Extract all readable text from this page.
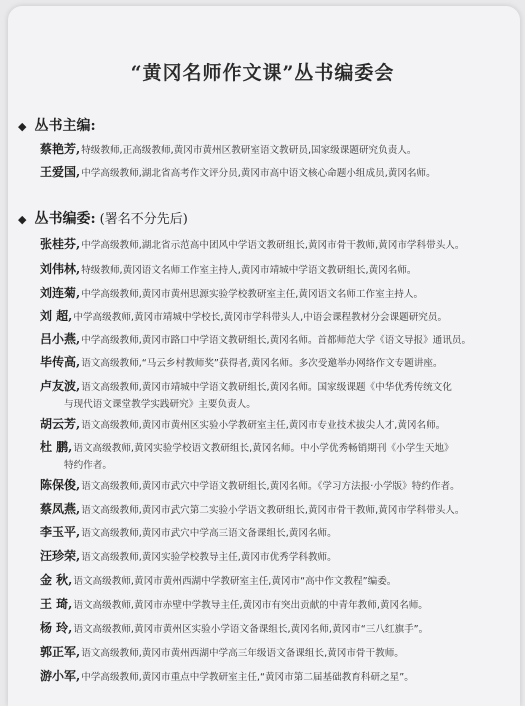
“黄冈名师作文课”丛书编委会
◆ 丛书主编:
蔡艳芳,特级教师,正高级教师,黄冈市黄州区教研室语文教研员,国家级课题研究负责人。
王爱国,中学高级教师,湖北省高考作文评分员,黄冈市高中语文核心命题小组成员,黄冈名师。
◆ 丛书编委: (署名不分先后)
张桂芬,中学高级教师,湖北省示范高中团风中学语文教研组长,黄冈市骨干教师,黄冈市学科带头人。
刘伟林,特级教师,黄冈语文名师工作室主持人,黄冈市靖城中学语文教研组长,黄冈名师。
刘连菊,中学高级教师,黄冈市黄州思源实验学校教研室主任,黄冈语文名师工作室主持人。
刘 超,中学高级教师,黄冈市靖城中学校长,黄冈市学科带头人,中语会课程教材分会课题研究员。
吕小燕,中学高级教师,黄冈市路口中学语文教研组长,黄冈名师。首都师范大学《语文导报》通讯员。
毕传高,语文高级教师,“马云乡村教师奖”获得者,黄冈名师。多次受邀举办网络作文专题讲座。
卢友波,语文高级教师,黄冈市靖城中学语文教研组长,黄冈名师。国家级课题《中华优秀传统文化
与现代语文课堂教学实践研究》主要负责人。
胡云芳,语文高级教师,黄冈市黄州区实验小学教研室主任,黄冈市专业技术拔尖人才,黄冈名师。
杜 鹏,语文高级教师,黄冈实验学校语文教研组长,黄冈名师。中小学优秀畅销期刊《小学生天地》
特约作者。
陈保俊,语文高级教师,黄冈市武穴中学语文教研组长,黄冈名师。《学习方法报·小学版》特约作者。
蔡凤燕,语文高级教师,黄冈市武穴第二实验小学语文教研组长,黄冈市骨干教师,黄冈市学科带头人。
李玉平,语文高级教师,黄冈市武穴中学高三语文备课组长,黄冈名师。
汪珍荣,语文高级教师,黄冈实验学校教导主任,黄冈市优秀学科教师。
金 秋,语文高级教师,黄冈市黄州西湖中学教研室主任,黄冈市“高中作文教程”编委。
王 琦,语文高级教师,黄冈市赤壁中学教导主任,黄冈市有突出贡献的中青年教师,黄冈名师。
杨 玲,语文高级教师,黄冈市黄州区实验小学语文备课组长,黄冈名师,黄冈市“三八红旗手”。
郭正军,语文高级教师,黄冈市黄州西湖中学高三年级语文备课组长,黄冈市骨干教师。
游小军,中学高级教师,黄冈市重点中学教研室主任,“黄冈市第二届基础教育科研之星”。
